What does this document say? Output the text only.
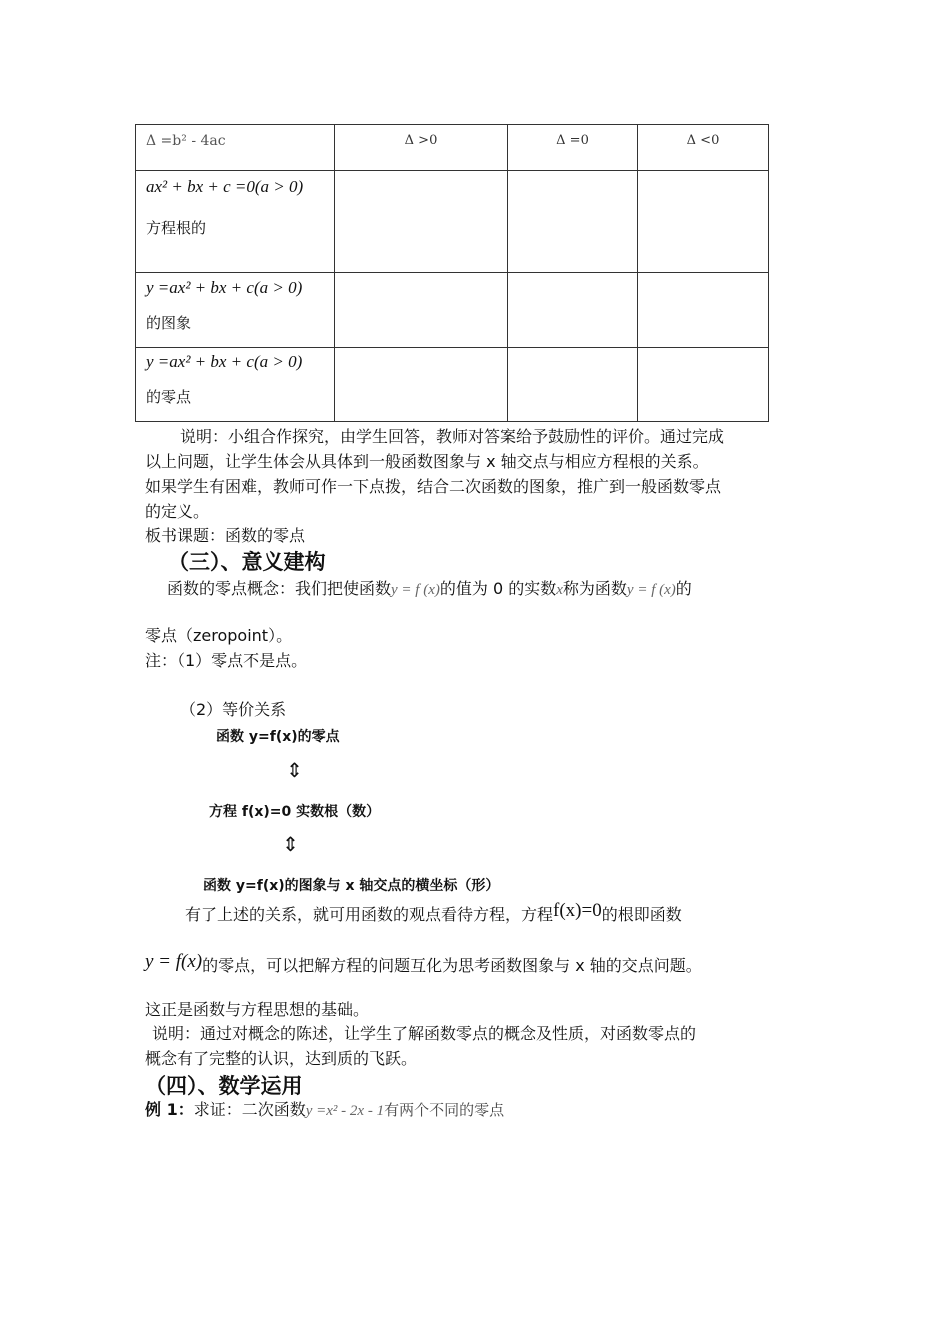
Δ =b² - 4ac	Δ >0	Δ =0	Δ <0

ax² + bx + c =0(a > 0)
方程根的			

y =ax² + bx + c(a > 0)
的图象			

y =ax² + bx + c(a > 0)
的零点			

说明：小组合作探究，由学生回答，教师对答案给予鼓励性的评价。通过完成
以上问题，让学生体会从具体到一般函数图象与 x 轴交点与相应方程根的关系。
如果学生有困难，教师可作一下点拨，结合二次函数的图象，推广到一般函数零点
的定义。
板书课题：函数的零点
（三）、意义建构
函数的零点概念：我们把使函数y = f (x)的值为 0 的实数x称为函数y = f (x)的
零点（zeropoint）。
注：（1）零点不是点。
（2）等价关系
函数 y=f(x)的零点
⇕
方程 f(x)=0 实数根（数）
⇕
函数 y=f(x)的图象与 x 轴交点的横坐标（形）
有了上述的关系，就可用函数的观点看待方程，方程f(x)=0的根即函数
y = f(x)的零点，可以把解方程的问题互化为思考函数图象与 x 轴的交点问题。
这正是函数与方程思想的基础。
说明：通过对概念的陈述，让学生了解函数零点的概念及性质，对函数零点的
概念有了完整的认识，达到质的飞跃。
（四）、数学运用
例 1：求证：二次函数y =x² - 2x - 1有两个不同的零点
